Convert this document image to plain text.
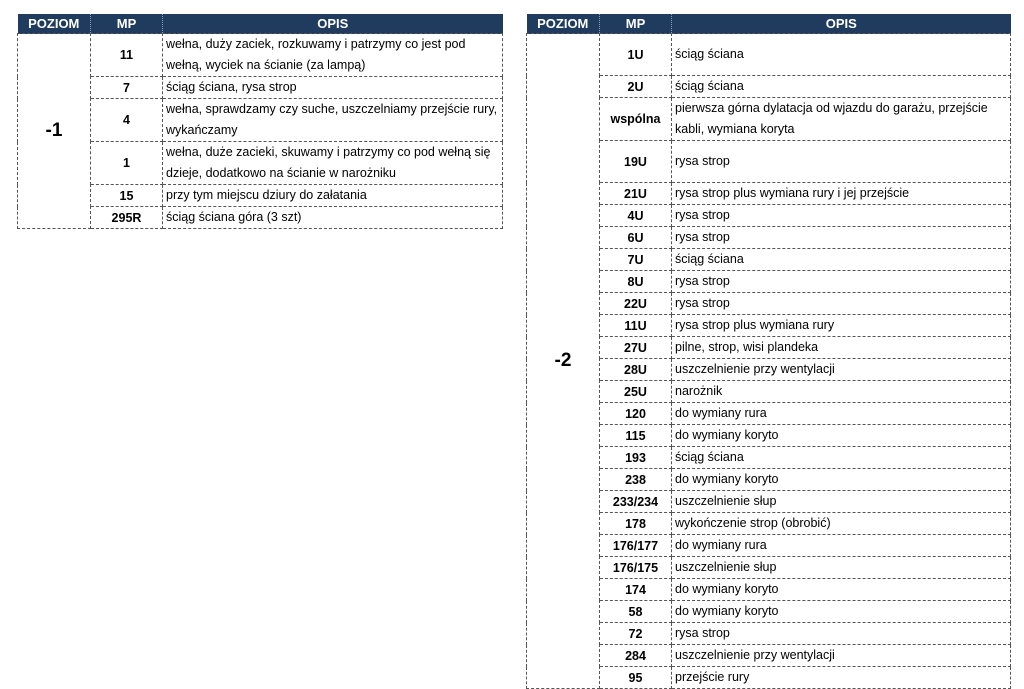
POZIOM	MP	OPIS
-1	11	wełna, duży zaciek, rozkuwamy i patrzymy co jest pod wełną, wyciek na ścianie (za lampą)
	7	ściąg ściana, rysa strop
	4	wełna, sprawdzamy czy suche, uszczelniamy przejście rury, wykańczamy
	1	wełna, duże zacieki, skuwamy i patrzymy co pod wełną się dzieje, dodatkowo na ścianie w narożniku
	15	przy tym miejscu dziury do załatania
	295R	ściąg ściana góra (3 szt)
POZIOM	MP	OPIS
-2	1U	ściąg ściana
	2U	ściąg ściana
	wspólna	pierwsza górna dylatacja od wjazdu do garażu, przejście kabli, wymiana koryta
	19U	rysa strop
	21U	rysa strop plus wymiana rury i jej przejście
	4U	rysa strop
	6U	rysa strop
	7U	ściąg ściana
	8U	rysa strop
	22U	rysa strop
	11U	rysa strop plus wymiana rury
	27U	pilne, strop, wisi plandeka
	28U	uszczelnienie przy wentylacji
	25U	narożnik
	120	do wymiany rura
	115	do wymiany koryto
	193	ściąg ściana
	238	do wymiany koryto
	233/234	uszczelnienie słup
	178	wykończenie strop (obrobić)
	176/177	do wymiany rura
	176/175	uszczelnienie słup
	174	do wymiany koryto
	58	do wymiany koryto
	72	rysa strop
	284	uszczelnienie przy wentylacji
	95	przejście rury
